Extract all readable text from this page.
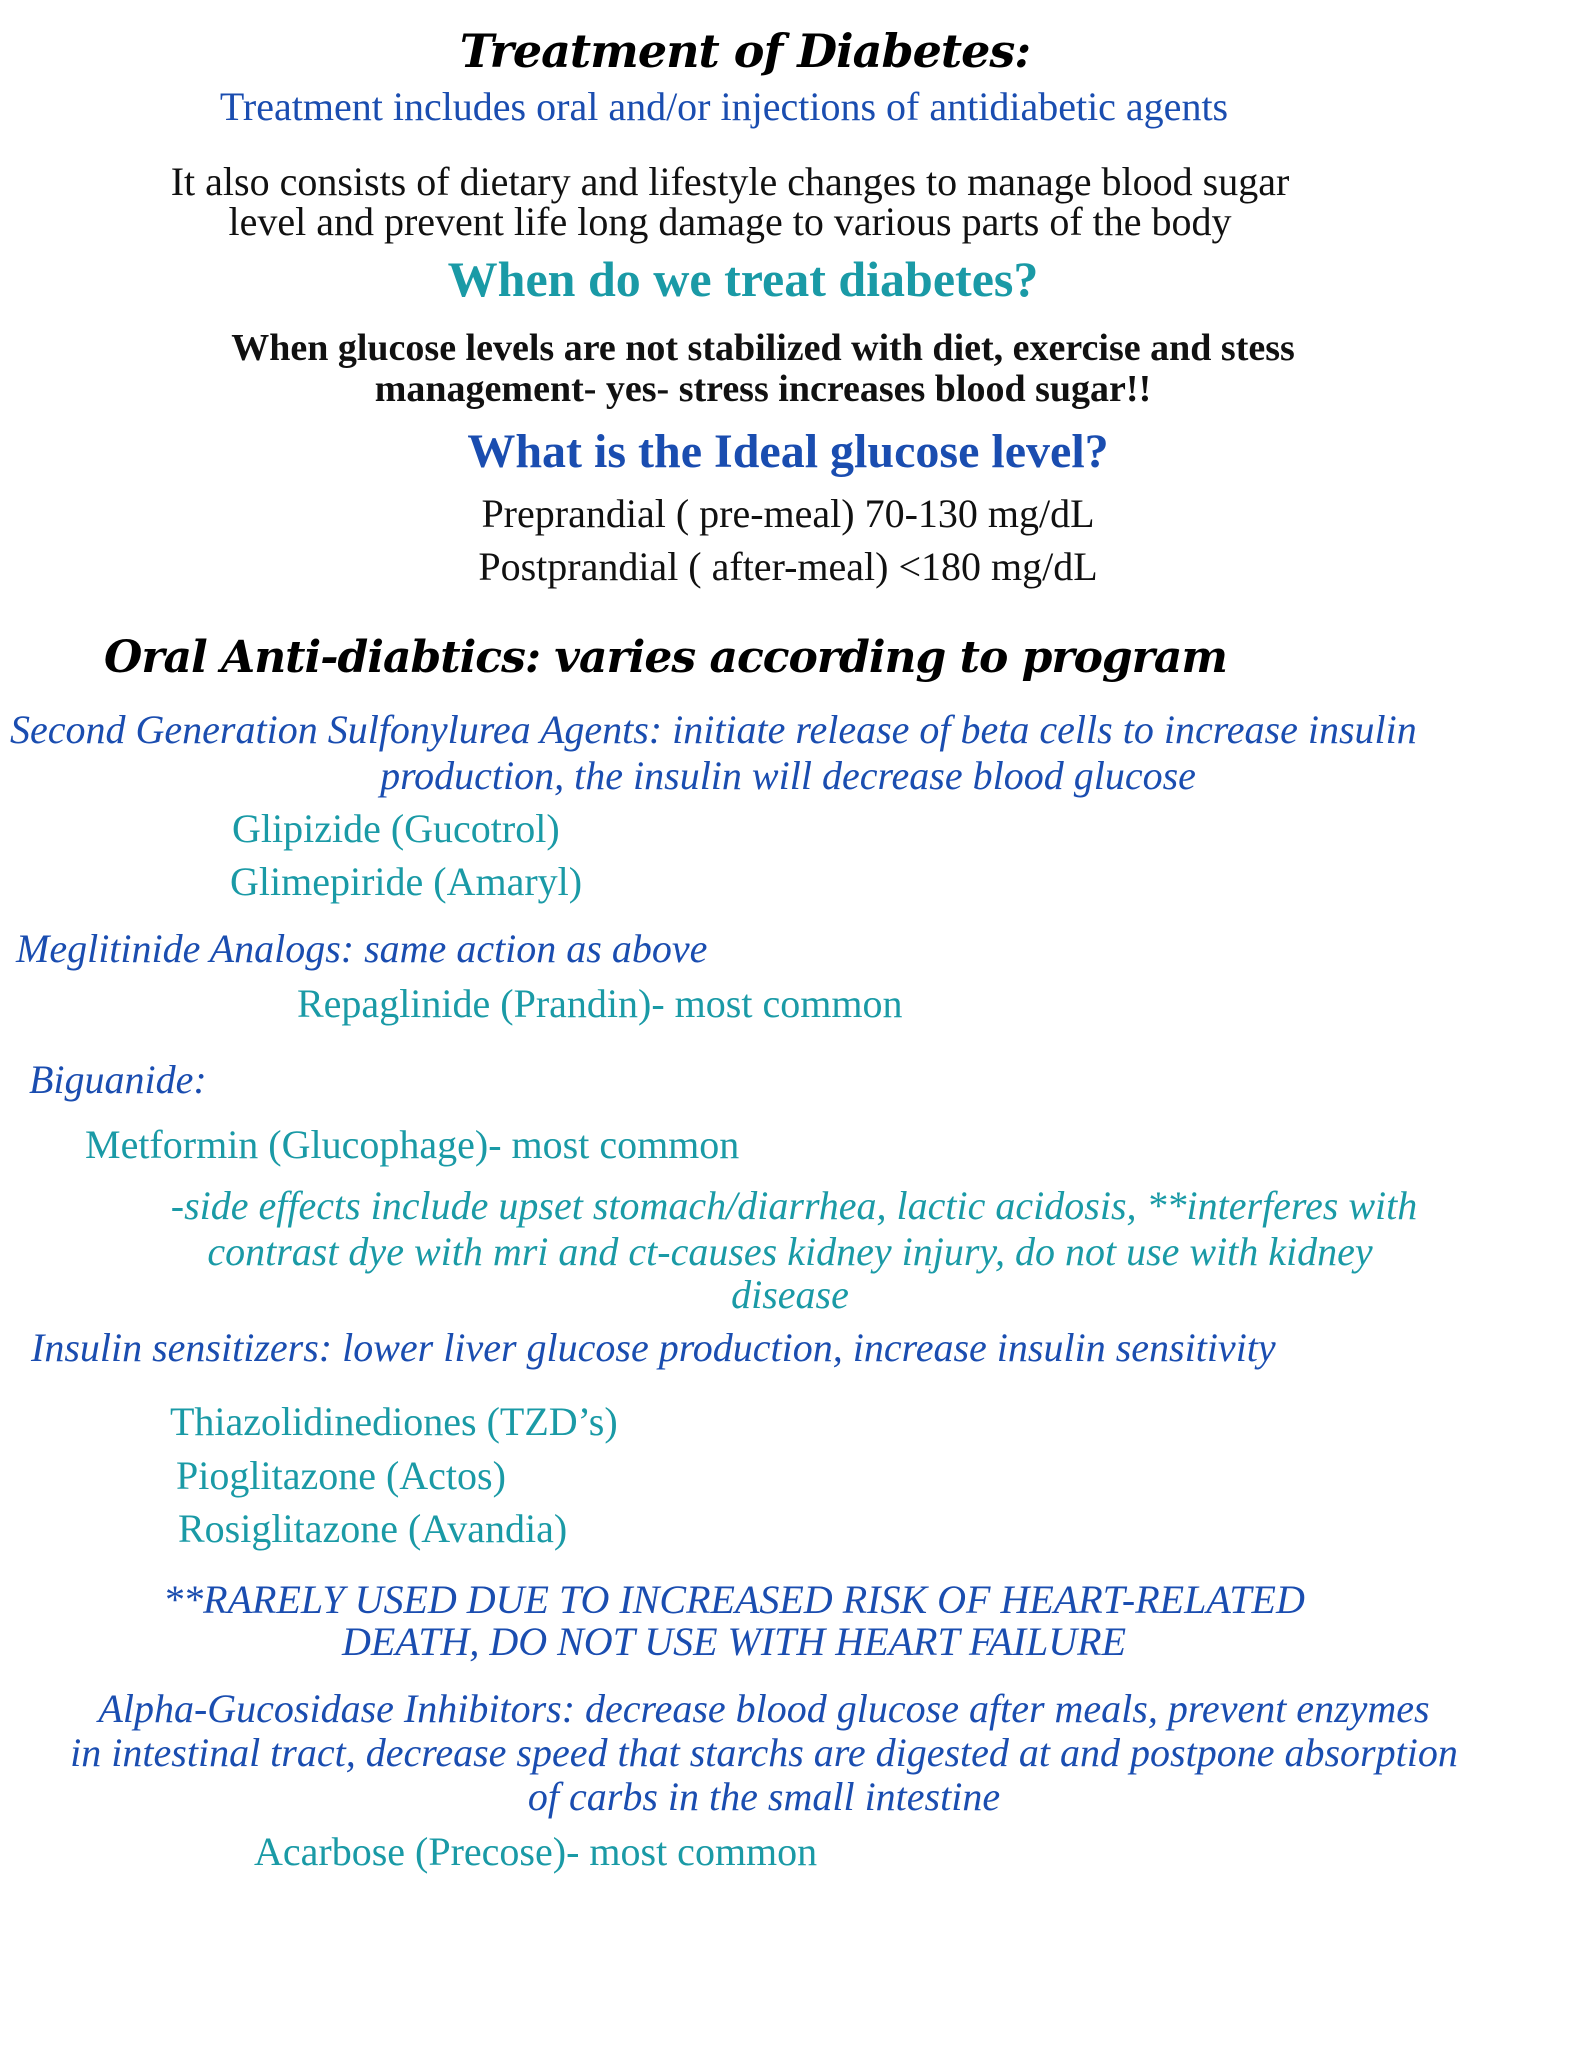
Treatment of Diabetes:
Treatment includes oral and/or injections of antidiabetic agents
It also consists of dietary and lifestyle changes to manage blood sugar
level and prevent life long damage to various parts of the body
When do we treat diabetes?
When glucose levels are not stabilized with diet, exercise and stess
management- yes- stress increases blood sugar!!
What is the Ideal glucose level?
Preprandial ( pre-meal) 70-130 mg/dL
Postprandial ( after-meal) <180 mg/dL
Oral Anti-diabtics: varies according to program
Second Generation Sulfonylurea Agents: initiate release of beta cells to increase insulin
production, the insulin will decrease blood glucose
Glipizide (Gucotrol)
Glimepiride (Amaryl)
Meglitinide Analogs: same action as above
Repaglinide (Prandin)- most common
Biguanide:
Metformin (Glucophage)- most common
-side effects include upset stomach/diarrhea, lactic acidosis, **interferes with
contrast dye with mri and ct-causes kidney injury, do not use with kidney
disease
Insulin sensitizers: lower liver glucose production, increase insulin sensitivity
Thiazolidinediones (TZD’s)
Pioglitazone (Actos)
Rosiglitazone (Avandia)
**RARELY USED DUE TO INCREASED RISK OF HEART-RELATED
DEATH, DO NOT USE WITH HEART FAILURE
Alpha-Gucosidase Inhibitors: decrease blood glucose after meals, prevent enzymes
in intestinal tract, decrease speed that starchs are digested at and postpone absorption
of carbs in the small intestine
Acarbose (Precose)- most common
